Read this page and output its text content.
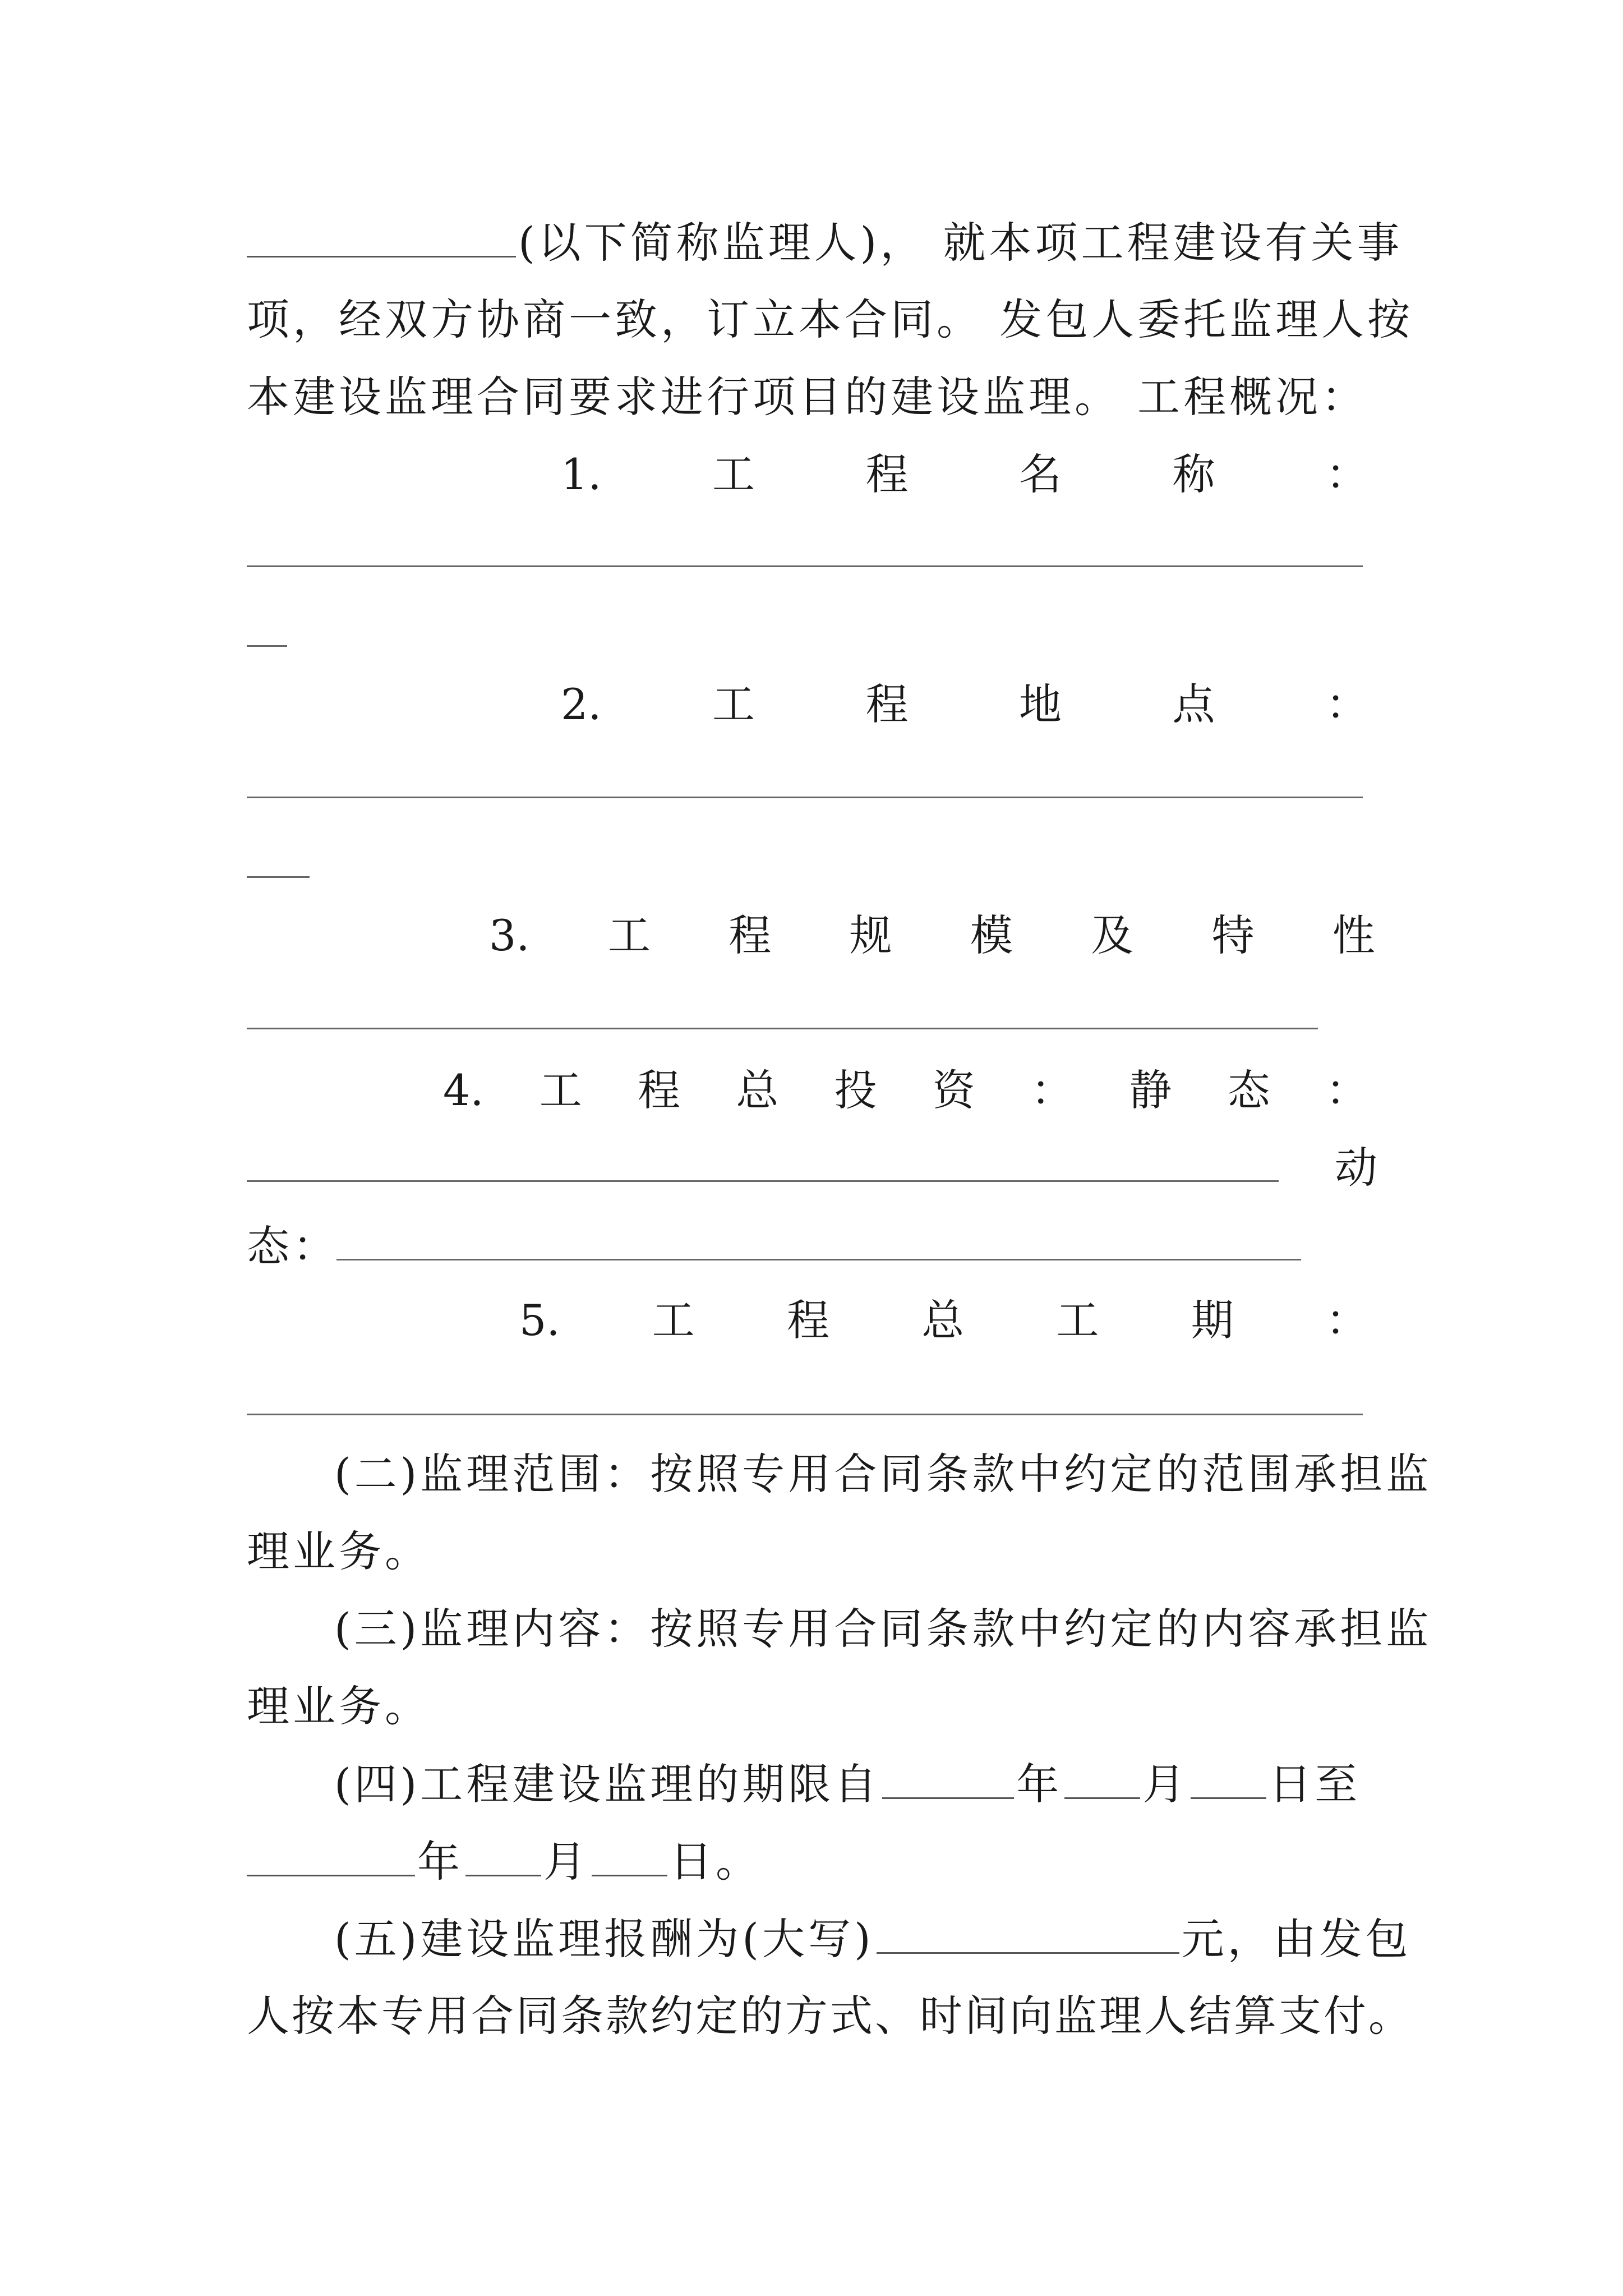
(以下简称监理人)， 就本项工程建设有关事
项，经双方协商一致，订立本合同。 发包人委托监理人按
本建设监理合同要求进行项目的建设监理。 工程概况：
1.	工	程	名	称	：
2.	工	程	地	点	：
3. 工 程 规 模 及 特 性
4. 工 程 总 投 资 ： 静 态 ：
动
态：
5. 工 程 总 工 期 ：
(二)监理范围：按照专用合同条款中约定的范围承担监
理业务。
(三)监理内容：按照专用合同条款中约定的内容承担监
理业务。
(四)工程建设监理的期限自	年 月 日至
年 月 日。
(五)建设监理报酬为(大写)	元，由发包
人按本专用合同条款约定的方式、时间向监理人结算支付。
